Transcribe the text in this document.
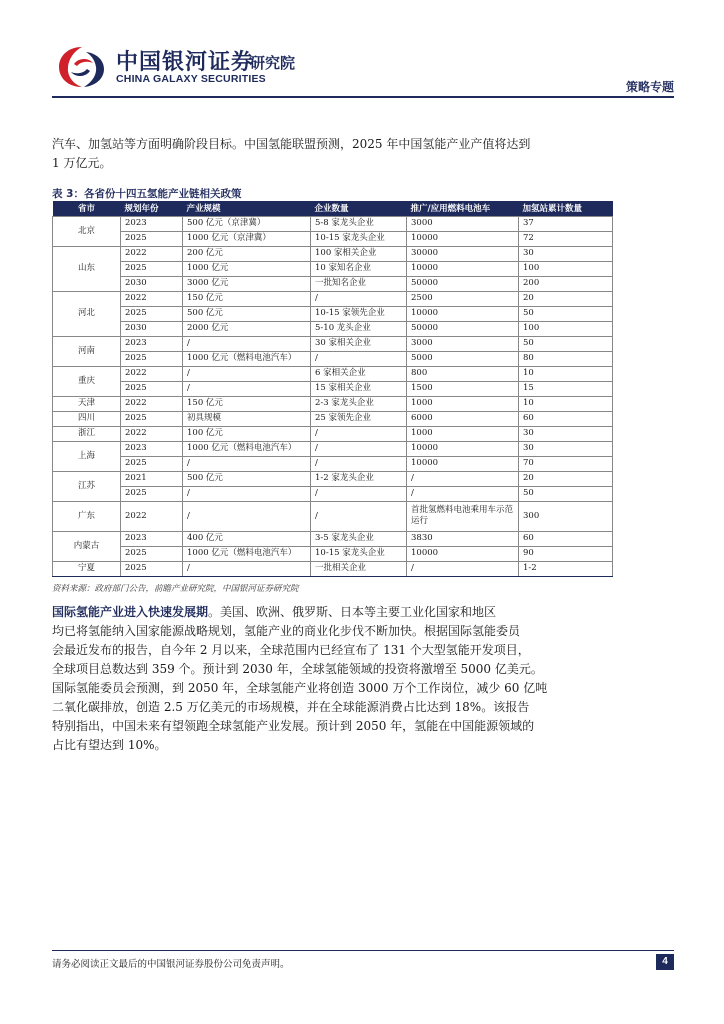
中国银河证券
CHINA GALAXY SECURITIES
研究院
策略专题
汽车、加氢站等方面明确阶段目标。中国氢能联盟预测，2025 年中国氢能产业产值将达到
1 万亿元。
表 3：各省份十四五氢能产业链相关政策
省市	规划年份	产业规模	企业数量	推广/应用燃料电池车	加氢站累计数量
北京	2023	500 亿元（京津冀）	5-8 家龙头企业	3000	37
	2025	1000 亿元（京津冀）	10-15 家龙头企业	10000	72
山东	2022	200 亿元	100 家相关企业	30000	30
	2025	1000 亿元	10 家知名企业	10000	100
	2030	3000 亿元	一批知名企业	50000	200
河北	2022	150 亿元	/	2500	20
	2025	500 亿元	10-15 家领先企业	10000	50
	2030	2000 亿元	5-10 龙头企业	50000	100
河南	2023	/	30 家相关企业	3000	50
	2025	1000 亿元（燃料电池汽车）	/	5000	80
重庆	2022	/	6 家相关企业	800	10
	2025	/	15 家相关企业	1500	15
天津	2022	150 亿元	2-3 家龙头企业	1000	10
四川	2025	初具规模	25 家领先企业	6000	60
浙江	2022	100 亿元	/	1000	30
上海	2023	1000 亿元（燃料电池汽车）	/	10000	30
	2025	/	/	10000	70
江苏	2021	500 亿元	1-2 家龙头企业	/	20
	2025	/	/	/	50
广东	2022	/	/	首批氢燃料电池乘用车示范运行	300
内蒙古	2023	400 亿元	3-5 家龙头企业	3830	60
	2025	1000 亿元（燃料电池汽车）	10-15 家龙头企业	10000	90
宁夏	2025	/	一批相关企业	/	1-2
资料来源：政府部门公告，前瞻产业研究院，中国银河证券研究院
国际氢能产业进入快速发展期。美国、欧洲、俄罗斯、日本等主要工业化国家和地区
均已将氢能纳入国家能源战略规划，氢能产业的商业化步伐不断加快。根据国际氢能委员
会最近发布的报告，自今年 2 月以来，全球范围内已经宣布了 131 个大型氢能开发项目，
全球项目总数达到 359 个。预计到 2030 年，全球氢能领域的投资将激增至 5000 亿美元。
国际氢能委员会预测，到 2050 年，全球氢能产业将创造 3000 万个工作岗位，减少 60 亿吨
二氧化碳排放，创造 2.5 万亿美元的市场规模，并在全球能源消费占比达到 18%。该报告
特别指出，中国未来有望领跑全球氢能产业发展。预计到 2050 年，氢能在中国能源领域的
占比有望达到 10%。
请务必阅读正文最后的中国银河证券股份公司免责声明。	4
